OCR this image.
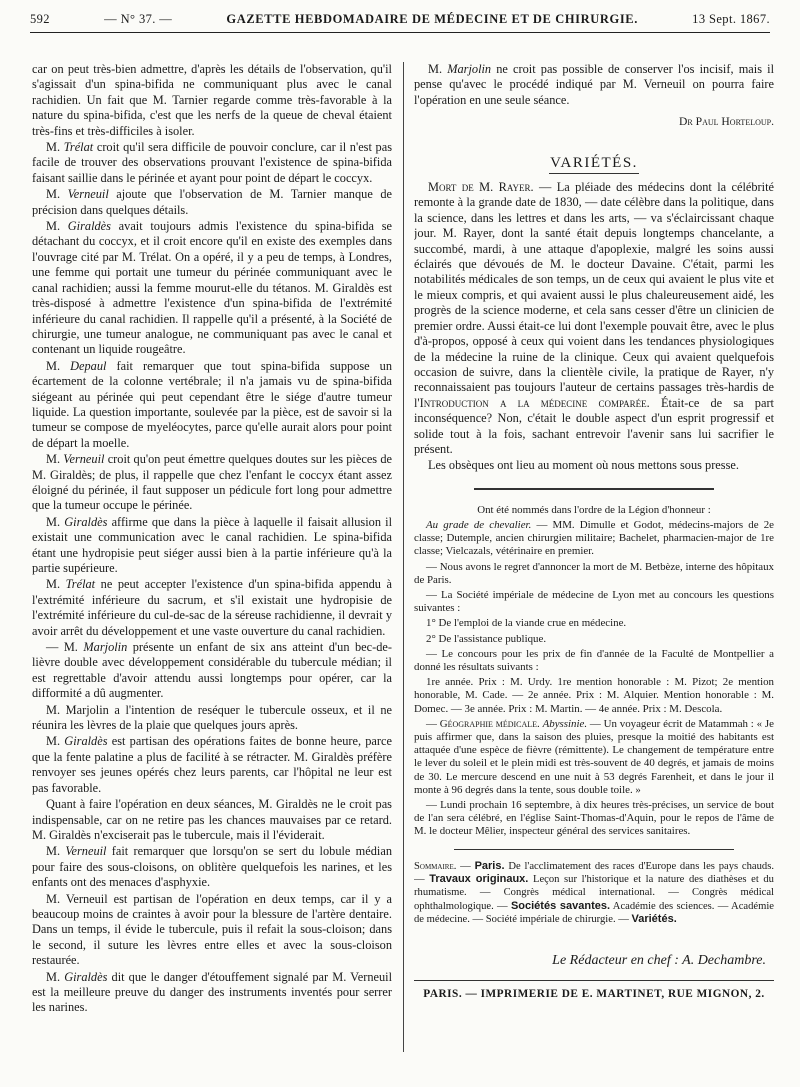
592	— N° 37. —	GAZETTE HEBDOMADAIRE DE MÉDECINE ET DE CHIRURGIE.	13 Sept. 1867.

car on peut très-bien admettre, d'après les détails de l'observation, qu'il s'agissait d'un spina-bifida ne communiquant plus avec le canal rachidien. Un fait que M. Tarnier regarde comme très-favorable à la nature du spina-bifida, c'est que les nerfs de la queue de cheval étaient très-fins et très-difficiles à isoler.

M. Trélat croit qu'il sera difficile de pouvoir conclure, car il n'est pas facile de trouver des observations prouvant l'existence de spina-bifida faisant saillie dans le périnée et ayant pour point de départ le coccyx.

M. Verneuil ajoute que l'observation de M. Tarnier manque de précision dans quelques détails.

M. Giraldès avait toujours admis l'existence du spina-bifida se détachant du coccyx, et il croit encore qu'il en existe des exemples dans l'ouvrage cité par M. Trélat. On a opéré, il y a peu de temps, à Londres, une femme qui portait une tumeur du périnée communiquant avec le canal rachidien; aussi la femme mourut-elle du tétanos. M. Giraldès est très-disposé à admettre l'existence d'un spina-bifida de l'extrémité inférieure du canal rachidien. Il rappelle qu'il a présenté, à la Société de chirurgie, une tumeur analogue, ne communiquant pas avec le canal et contenant un liquide rougeâtre.

M. Depaul fait remarquer que tout spina-bifida suppose un écartement de la colonne vertébrale; il n'a jamais vu de spina-bifida siégeant au périnée qui peut cependant être le siége d'autre tumeur liquide. La question importante, soulevée par la pièce, est de savoir si la tumeur se compose de myeléocytes, parce qu'elle aurait alors pour point de départ la moelle.

M. Verneuil croit qu'on peut émettre quelques doutes sur les pièces de M. Giraldès; de plus, il rappelle que chez l'enfant le coccyx étant assez éloigné du périnée, il faut supposer un pédicule fort long pour admettre que la tumeur occupe le périnée.

M. Giraldès affirme que dans la pièce à laquelle il faisait allusion il existait une communication avec le canal rachidien. Le spina-bifida étant une hydropisie peut siéger aussi bien à la partie inférieure qu'à la partie supérieure.

M. Trélat ne peut accepter l'existence d'un spina-bifida appendu à l'extrémité inférieure du sacrum, et s'il existait une hydropisie de l'extrémité inférieure du cul-de-sac de la séreuse rachidienne, il devrait y avoir arrêt du développement et une vaste ouverture du canal rachidien.

— M. Marjolin présente un enfant de six ans atteint d'un bec-de-lièvre double avec développement considérable du tubercule médian; il est regrettable d'avoir attendu aussi longtemps pour opérer, car la difformité a dû augmenter.

M. Marjolin a l'intention de reséquer le tubercule osseux, et il ne réunira les lèvres de la plaie que quelques jours après.

M. Giraldès est partisan des opérations faites de bonne heure, parce que la fente palatine a plus de facilité à se rétracter. M. Giraldès préfère renvoyer ses jeunes opérés chez leurs parents, car l'hôpital ne leur est pas favorable.

Quant à faire l'opération en deux séances, M. Giraldès ne le croit pas indispensable, car on ne retire pas les chances mauvaises par ce retard. M. Giraldès n'exciserait pas le tubercule, mais il l'éviderait.

M. Verneuil fait remarquer que lorsqu'on se sert du lobule médian pour faire des sous-cloisons, on oblitère quelquefois les narines, et les enfants ont des menaces d'asphyxie.

M. Verneuil est partisan de l'opération en deux temps, car il y a beaucoup moins de craintes à avoir pour la blessure de l'artère dentaire. Dans un temps, il évide le tubercule, puis il refait la sous-cloison; dans le second, il suture les lèvres entre elles et avec la sous-cloison restaurée.

M. Giraldès dit que le danger d'étouffement signalé par M. Verneuil est la meilleure preuve du danger des instruments inventés pour serrer les narines.

M. Marjolin ne croit pas possible de conserver l'os incisif, mais il pense qu'avec le procédé indiqué par M. Verneuil on pourra faire l'opération en une seule séance.

Dr Paul Horteloup.
VARIÉTÉS.

Mort de M. Rayer. — La pléiade des médecins dont la célébrité remonte à la grande date de 1830, — date célèbre dans la politique, dans la science, dans les lettres et dans les arts, — va s'éclaircissant chaque jour. M. Rayer, dont la santé était depuis longtemps chancelante, a succombé, mardi, à une attaque d'apoplexie, malgré les soins aussi éclairés que dévoués de M. le docteur Davaine. C'était, parmi les notabilités médicales de son temps, un de ceux qui avaient le plus vite et le mieux compris, et qui avaient aussi le plus chaleureusement aidé, les progrès de la science moderne, et cela sans cesser d'être un clinicien de premier ordre. Aussi était-ce lui dont l'exemple pouvait être, avec le plus d'à-propos, opposé à ceux qui voient dans les tendances physiologiques de la médecine la ruine de la clinique. Ceux qui avaient quelquefois occasion de suivre, dans la clientèle civile, la pratique de Rayer, n'y reconnaissaient pas toujours l'auteur de certains passages très-hardis de l'Introduction a la médecine comparée. Était-ce de sa part inconséquence? Non, c'était le double aspect d'un esprit progressif et solide tout à la fois, sachant entrevoir l'avenir sans lui sacrifier le présent.

Les obsèques ont lieu au moment où nous mettons sous presse.

Ont été nommés dans l'ordre de la Légion d'honneur :

Au grade de chevalier. — MM. Dimulle et Godot, médecins-majors de 2e classe; Dutemple, ancien chirurgien militaire; Bachelet, pharmacien-major de 1re classe; Vielcazals, vétérinaire en premier.

— Nous avons le regret d'annoncer la mort de M. Betbèze, interne des hôpitaux de Paris.

— La Société impériale de médecine de Lyon met au concours les questions suivantes :

1° De l'emploi de la viande crue en médecine.

2° De l'assistance publique.

— Le concours pour les prix de fin d'année de la Faculté de Montpellier a donné les résultats suivants :

1re année. Prix : M. Urdy. 1re mention honorable : M. Pizot; 2e mention honorable, M. Cade. — 2e année. Prix : M. Alquier. Mention honorable : M. Domec. — 3e année. Prix : M. Martin. — 4e année. Prix : M. Descola.

— Géographie médicale. Abyssinie. — Un voyageur écrit de Matammah : « Je puis affirmer que, dans la saison des pluies, presque la moitié des habitants est attaquée d'une espèce de fièvre (rémittente). Le changement de température entre le lever du soleil et le plein midi est très-souvent de 40 degrés, et jamais de moins de 30. Le mercure descend en une nuit à 53 degrés Farenheit, et dans le jour il monte à 96 degrés dans la tente, sous double toile. »

— Lundi prochain 16 septembre, à dix heures très-précises, un service de bout de l'an sera célébré, en l'église Saint-Thomas-d'Aquin, pour le repos de l'âme de M. le docteur Mêlier, inspecteur général des services sanitaires.

Sommaire. — Paris. De l'acclimatement des races d'Europe dans les pays chauds. — Travaux originaux. Leçon sur l'historique et la nature des diathèses et du rhumatisme. — Congrès médical international. — Congrès médical ophthalmologique. — Sociétés savantes. Académie des sciences. — Académie de médecine. — Société impériale de chirurgie. — Variétés.

Le Rédacteur en chef : A. Dechambre.
PARIS. — IMPRIMERIE DE E. MARTINET, RUE MIGNON, 2.
